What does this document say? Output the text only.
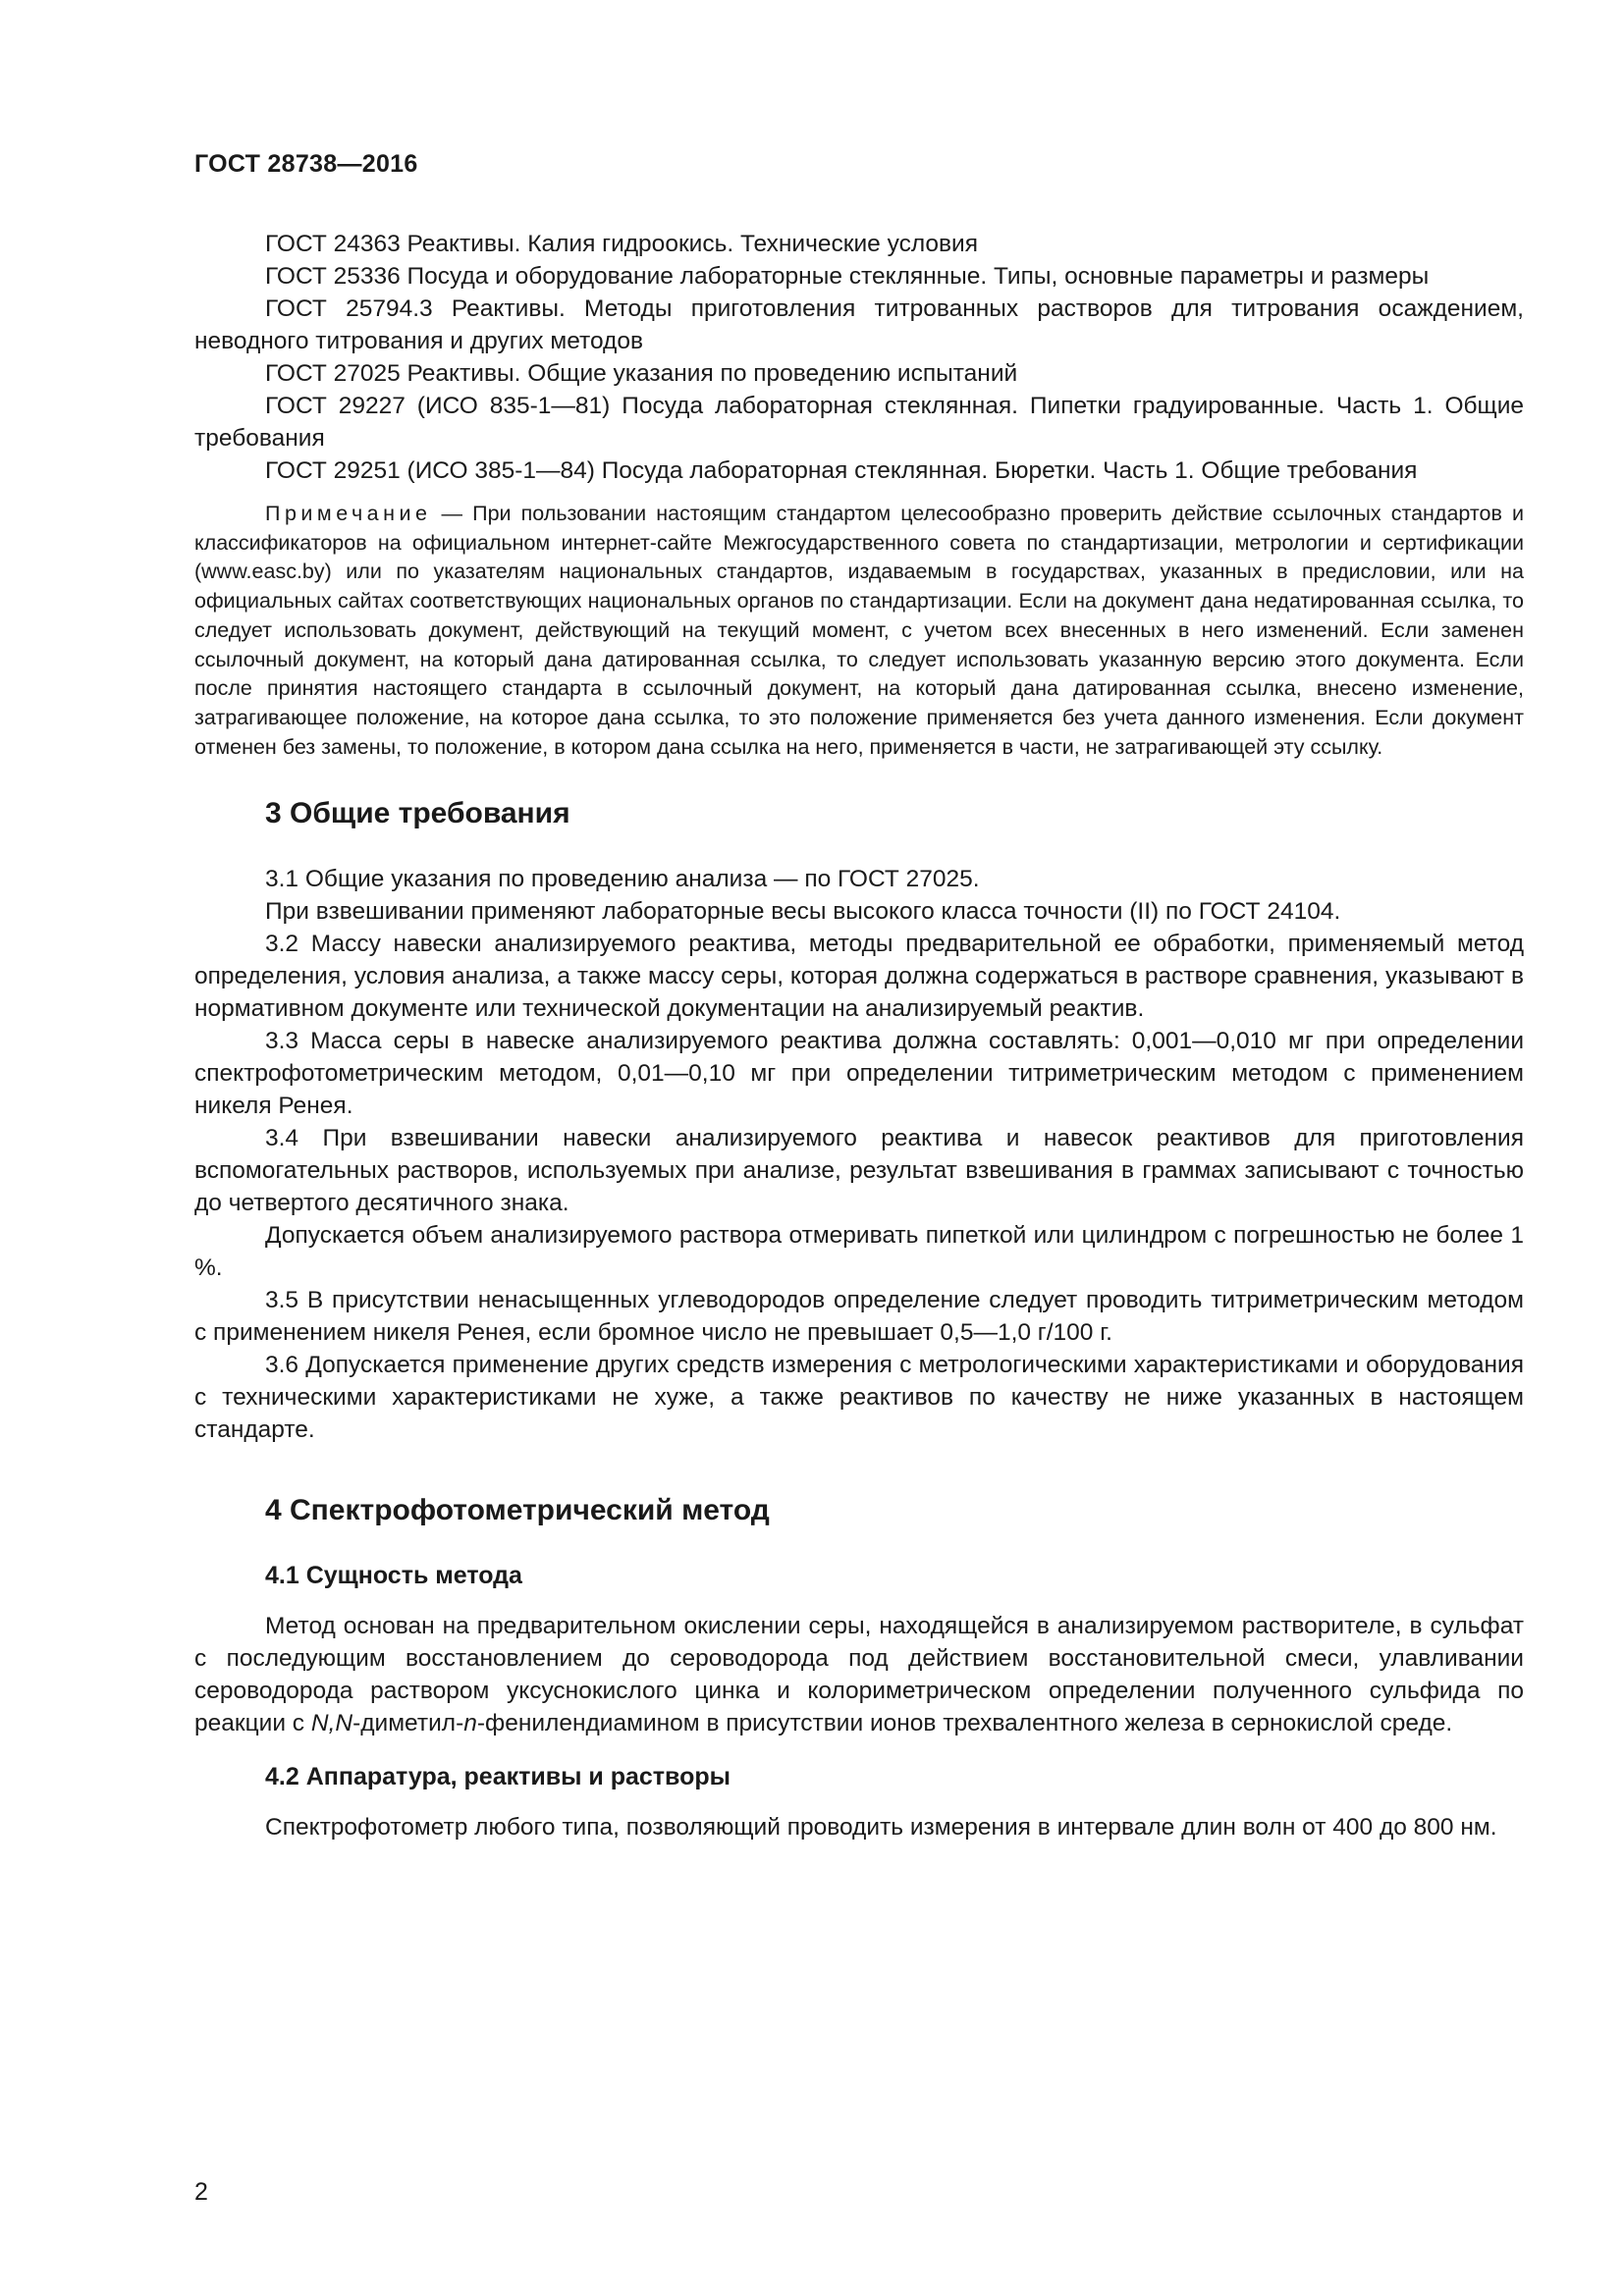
ГОСТ 28738—2016

ГОСТ 24363 Реактивы. Калия гидроокись. Технические условия

ГОСТ 25336 Посуда и оборудование лабораторные стеклянные. Типы, основные параметры и размеры

ГОСТ 25794.3 Реактивы. Методы приготовления титрованных растворов для титрования осаждением, неводного титрования и других методов

ГОСТ 27025 Реактивы. Общие указания по проведению испытаний

ГОСТ 29227 (ИСО 835-1—81) Посуда лабораторная стеклянная. Пипетки градуированные. Часть 1. Общие требования

ГОСТ 29251 (ИСО 385-1—84) Посуда лабораторная стеклянная. Бюретки. Часть 1. Общие требования

Примечание — При пользовании настоящим стандартом целесообразно проверить действие ссылочных стандартов и классификаторов на официальном интернет-сайте Межгосударственного совета по стандартизации, метрологии и сертификации (www.easc.by) или по указателям национальных стандартов, издаваемым в государствах, указанных в предисловии, или на официальных сайтах соответствующих национальных органов по стандартизации. Если на документ дана недатированная ссылка, то следует использовать документ, действующий на текущий момент, с учетом всех внесенных в него изменений. Если заменен ссылочный документ, на который дана датированная ссылка, то следует использовать указанную версию этого документа. Если после принятия настоящего стандарта в ссылочный документ, на который дана датированная ссылка, внесено изменение, затрагивающее положение, на которое дана ссылка, то это положение применяется без учета данного изменения. Если документ отменен без замены, то положение, в котором дана ссылка на него, применяется в части, не затрагивающей эту ссылку.

3 Общие требования

3.1 Общие указания по проведению анализа — по ГОСТ 27025.

При взвешивании применяют лабораторные весы высокого класса точности (II) по ГОСТ 24104.

3.2 Массу навески анализируемого реактива, методы предварительной ее обработки, применяемый метод определения, условия анализа, а также массу серы, которая должна содержаться в растворе сравнения, указывают в нормативном документе или технической документации на анализируемый реактив.

3.3 Масса серы в навеске анализируемого реактива должна составлять: 0,001—0,010 мг при определении спектрофотометрическим методом, 0,01—0,10 мг при определении титриметрическим методом с применением никеля Ренея.

3.4 При взвешивании навески анализируемого реактива и навесок реактивов для приготовления вспомогательных растворов, используемых при анализе, результат взвешивания в граммах записывают с точностью до четвертого десятичного знака.

Допускается объем анализируемого раствора отмеривать пипеткой или цилиндром с погрешностью не более 1 %.

3.5 В присутствии ненасыщенных углеводородов определение следует проводить титриметрическим методом с применением никеля Ренея, если бромное число не превышает 0,5—1,0 г/100 г.

3.6 Допускается применение других средств измерения с метрологическими характеристиками и оборудования с техническими характеристиками не хуже, а также реактивов по качеству не ниже указанных в настоящем стандарте.

4 Спектрофотометрический метод
4.1 Сущность метода

Метод основан на предварительном окислении серы, находящейся в анализируемом растворителе, в сульфат с последующим восстановлением до сероводорода под действием восстановительной смеси, улавливании сероводорода раствором уксуснокислого цинка и колориметрическом определении полученного сульфида по реакции с N,N-диметил-n-фенилендиамином в присутствии ионов трехвалентного железа в сернокислой среде.

4.2 Аппаратура, реактивы и растворы

Спектрофотометр любого типа, позволяющий проводить измерения в интервале длин волн от 400 до 800 нм.

2
